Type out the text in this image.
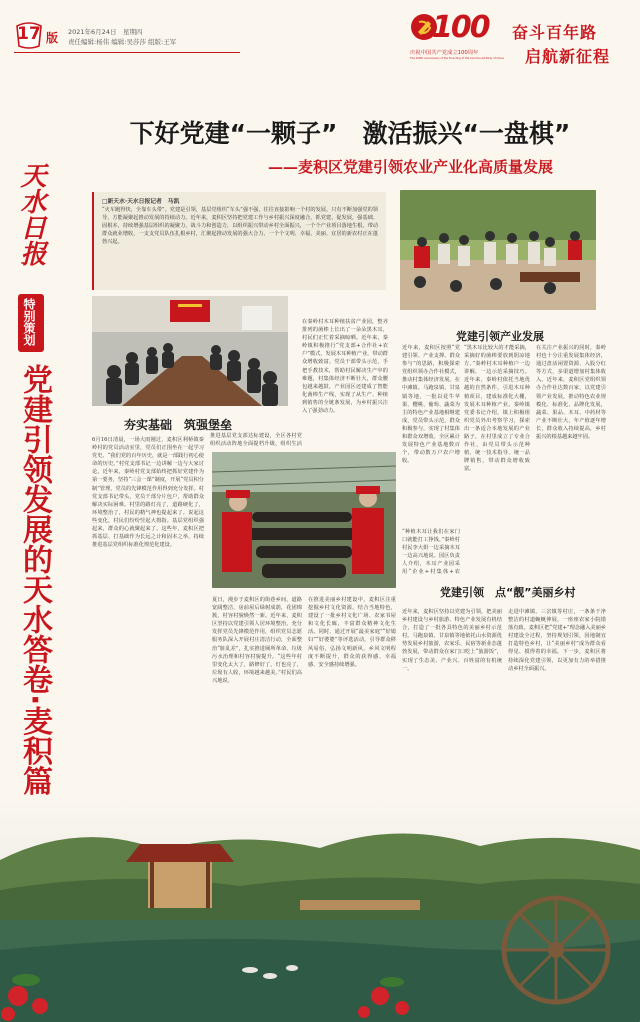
17 版 2021年6月24日　星期四
责任编辑:杨伟 编辑:吴莎莎 组版:王军	100
庆祝中国共产党成立100周年
The 100th Anniversary of the Founding of the Communist Party of China
奋斗百年路
启航新征程
天水日报
特别策划
党建引领发展的天水答卷·麦积篇
下好党建“一颗子”　激活振兴“一盘棋”
——麦积区党建引领农业产业化高质量发展
□新天水·天水日报记者　马凯
“火车跑得快，全靠车头带”。党建是引领，基层党组织“车头”强不强，往往直接影响一个村的发展。只有不断加强党的领导，方能凝聚起推动发展的持续动力。近年来，麦积区坚持把党建工作与乡村振兴深度融合，抓党建、促发展，强基础、固根本，持续增强基层组织的凝聚力、战斗力和创造力，以组织振兴带动乡村全面振兴，一个个产业项目落地生根，带动群众就业增收，一支支党员队伍扎根乡村，汇聚起推动发展的强大合力，一个个文明、幸福、美丽、宜居的新农村正在蓬勃兴起。
夯实基础　筑强堡垒
党建引领产业发展
党建引领　点“靓”美丽乡村
在秦岭村木耳种植扶贫产业园，整齐排列的菌棒上长出了一朵朵黑木耳，村民们正忙着采摘晾晒。近年来，秦岭镇积极推行“党支部+合作社+农户”模式，发展木耳种植产业，带动群众增收致富。党员干部带头示范，手把手教技术，帮助村民解决生产中的难题，村集体经济不断壮大，群众腰包越来越鼓。产业园区还建成了智能化菌棒生产线，实现了从生产、种植到销售的全链条发展，为乡村振兴注入了强劲动力。
6月16日清晨，一场大雨刚过，麦积区利桥镇秦岭村的党员活动室里，党员们正围坐在一起学习党史。“我们党的百年历史，就是一部践行初心使命的历史。”村党支部书记一边讲解一边与大家讨论。近年来，秦岭村党支部始终把抓好党建作为第一要务，坚持“三会一课”制度，开展“党员积分制”管理，党员的先锋模范作用得到充分发挥。村党支部书记带头，党员干部分片包户，帮助群众解决实际困难。村里的路灯亮了，道路硬化了，环境整治了，村民的精气神也提起来了。说起这些变化，村民们纷纷竖起大拇指。基层党组织强起来，群众的心就聚起来了。这些年，麦积区把抓基层、打基础作为长远之计和固本之举，持续推进基层党组织标准化规范化建设。
推进基层党支部达标建设，全区各村党组织活动阵地全面提档升级，组织生活
近年来，麦积区按照“党建引领、产业支撑、群众参与”的思路，积极探索党组织领办合作社模式，推动村集体经济发展。在中滩镇、马跑泉镇、甘泉镇等地，一批以花牛苹果、樱桃、葡萄、蔬菜为主的特色产业基地相继建成，党员带头示范，群众积极参与，实现了村集体和群众双增收。全区累计发展特色产业基地数百个，带动数万户农户增收。
“种植木耳让我们在家门口就能打工挣钱。”秦岭村村民李大姐一边采摘木耳一边高兴地说。园区负责人介绍，木耳产业园采用“企业+村集体+农
“黑木耳比较大的才能采摘，采摘好的菌棒要放到阴凉地方。”秦岭村木耳种植户一边讲解，一边示范采摘技巧。近年来，秦岭村依托当地优越的自然条件，引进木耳种植项目，建成标准化大棚，发展木耳种植产业。秦岭镇党委书记介绍，镇上积极组织党员外出考察学习，探索出一条适合本地发展的产业路子，在村里成立了专业合作社，由党员带头示范种植，统一技术指导、统一品牌销售，带动群众增收致富。
在关注产业振兴的同时，秦岭村也十分注重发展集体经济，通过盘活闲置资源、入股分红等方式，多渠道增加村集体收入。近年来，麦积区党组织领办合作社达数百家，以党建引领产业发展，推动特色农业规模化、标准化、品牌化发展，蔬菜、果品、木耳、中药材等产业不断壮大，年产值逐年增长，群众收入持续提高，乡村振兴的根基越来越牢固。
夏日，漫步于麦积区的街巷乡间，道路宽阔整洁，房前屋后绿树成荫，花团锦簇，村容村貌焕然一新。近年来，麦积区坚持以党建引领人居环境整治，充分发挥党员先锋模范作用，组织党员志愿服务队深入开展村庄清洁行动，全面整治“脏乱差”，扎实推进厕所革命、垃圾污水治理和村容村貌提升。“这些年村里变化太大了，路修好了，灯也亮了，垃圾有人收，环境越来越美。”村民们高兴地说。
在推进美丽乡村建设中，麦积区注重挖掘乡村文化资源，结合当地特色，建设了一批乡村文化广场、农家书屋和文化长廊，丰富群众精神文化生活。同时，通过开展“最美家庭”“好媳妇”“好婆婆”等评选活动，引导群众移风易俗，弘扬文明新风，乡风文明程度不断提升，群众的获得感、幸福感、安全感持续增强。
近年来，麦积区坚持以党建为引领，把美丽乡村建设与乡村旅游、特色产业发展有机结合，打造了一批各具特色的美丽乡村示范村。马跑泉镇、甘泉镇等地依托山水资源优势发展乡村旅游，农家乐、民宿等新业态蓬勃发展，带动群众在家门口吃上“旅游饭”，实现了生态美、产业兴、百姓富的有机统一。
走进中滩镇、三岔镇等村庄，一条条干净整洁的村道蜿蜒伸展，一座座农家小院错落有致。麦积区把“党建+”理念融入美丽乡村建设全过程，坚持规划引领，因地制宜打造特色乡村，让“美丽乡村”成为群众看得见、摸得着的幸福。下一步，麦积区将持续深化党建引领，以更加有力的举措推动乡村全面振兴。
